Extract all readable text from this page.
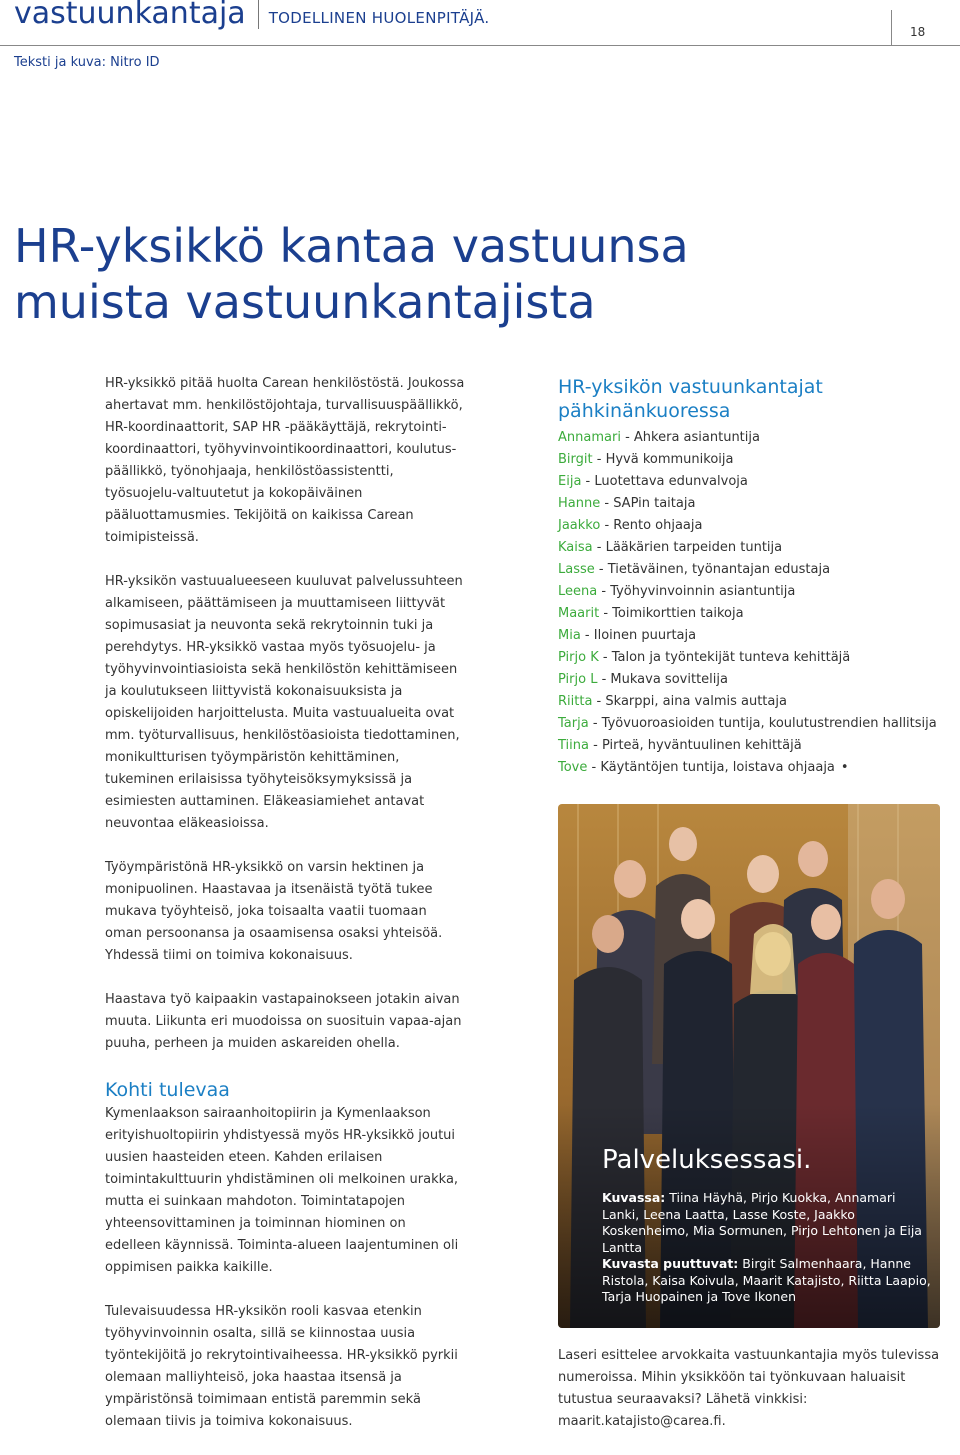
vastuunkantaja TODELLINEN HUOLENPITÄJÄ.
18
Teksti ja kuva: Nitro ID
HR-yksikkö kantaa vastuunsa
muista vastuunkantajista

HR-yksikkö pitää huolta Carean henkilöstöstä. Joukossa ahertavat mm. henkilöstöjohtaja, turvallisuuspäällikkö, HR-koordinaattorit, SAP HR -pääkäyttäjä, rekrytointi-koordinaattori, työhyvinvointikoordinaattori, koulutus-päällikkö, työnohjaaja, henkilöstöassistentti, työsuojelu-valtuutetut ja kokopäiväinen pääluottamusmies. Tekijöitä on kaikissa Carean toimipisteissä.

HR-yksikön vastuualueeseen kuuluvat palvelussuhteen alkamiseen, päättämiseen ja muuttamiseen liittyvät sopimusasiat ja neuvonta sekä rekrytoinnin tuki ja perehdytys. HR-yksikkö vastaa myös työsuojelu- ja työhyvinvointiasioista sekä henkilöstön kehittämiseen ja koulutukseen liittyvistä kokonaisuuksista ja opiskelijoiden harjoittelusta. Muita vastuualueita ovat mm. työturvallisuus, henkilöstöasioista tiedottaminen, monikultturisen työympäristön kehittäminen, tukeminen erilaisissa työhyteisöksymyksissä ja esimiesten auttaminen. Eläkeasiamiehet antavat neuvontaa eläkeasioissa.

Työympäristönä HR-yksikkö on varsin hektinen ja monipuolinen. Haastavaa ja itsenäistä työtä tukee mukava työyhteisö, joka toisaalta vaatii tuomaan oman persoonansa ja osaamisensa osaksi yhteisöä. Yhdessä tiimi on toimiva kokonaisuus.

Haastava työ kaipaakin vastapainokseen jotakin aivan muuta. Liikunta eri muodoissa on suosituin vapaa-ajan puuha, perheen ja muiden askareiden ohella.

Kohti tulevaa

Kymenlaakson sairaanhoitopiirin ja Kymenlaakson erityishuoltopiirin yhdistyessä myös HR-yksikkö joutui uusien haasteiden eteen. Kahden erilaisen toimintakulttuurin yhdistäminen oli melkoinen urakka, mutta ei suinkaan mahdoton. Toimintatapojen yhteensovittaminen ja toiminnan hiominen on edelleen käynnissä. Toiminta-alueen laajentuminen oli oppimisen paikka kaikille.

Tulevaisuudessa HR-yksikön rooli kasvaa etenkin työhyvinvoinnin osalta, sillä se kiinnostaa uusia työntekijöitä jo rekrytointivaiheessa. HR-yksikkö pyrkii olemaan malliyhteisö, joka haastaa itsensä ja ympäristönsä toimimaan entistä paremmin sekä olemaan tiivis ja toimiva kokonaisuus.

HR-yksikön vastuunkantajat pähkinänkuoressa
Annamari - Ahkera asiantuntija
Birgit - Hyvä kommunikoija
Eija - Luotettava edunvalvoja
Hanne - SAPin taitaja
Jaakko - Rento ohjaaja
Kaisa - Lääkärien tarpeiden tuntija
Lasse - Tietäväinen, työnantajan edustaja
Leena - Työhyvinvoinnin asiantuntija
Maarit - Toimikorttien taikoja
Mia - Iloinen puurtaja
Pirjo K - Talon ja työntekijät tunteva kehittäjä
Pirjo L - Mukava sovittelija
Riitta - Skarppi, aina valmis auttaja
Tarja - Työvuoroasioiden tuntija, koulutustrendien hallitsija
Tiina - Pirteä, hyväntuulinen kehittäjä
Tove - Käytäntöjen tuntija, loistava ohjaaja •
Palveluksessasi.
Kuvassa: Tiina Häyhä, Pirjo Kuokka, Annamari Lanki, Leena Laatta, Lasse Koste, Jaakko Koskenheimo, Mia Sormunen, Pirjo Lehtonen ja Eija Lantta
Kuvasta puuttuvat: Birgit Salmenhaara, Hanne Ristola, Kaisa Koivula, Maarit Katajisto, Riitta Laapio, Tarja Huopainen ja Tove Ikonen
Laseri esittelee arvokkaita vastuunkantajia myös tulevissa numeroissa. Mihin yksikköön tai työnkuvaan haluaisit tutustua seuraavaksi? Lähetä vinkkisi: maarit.katajisto@carea.fi.
